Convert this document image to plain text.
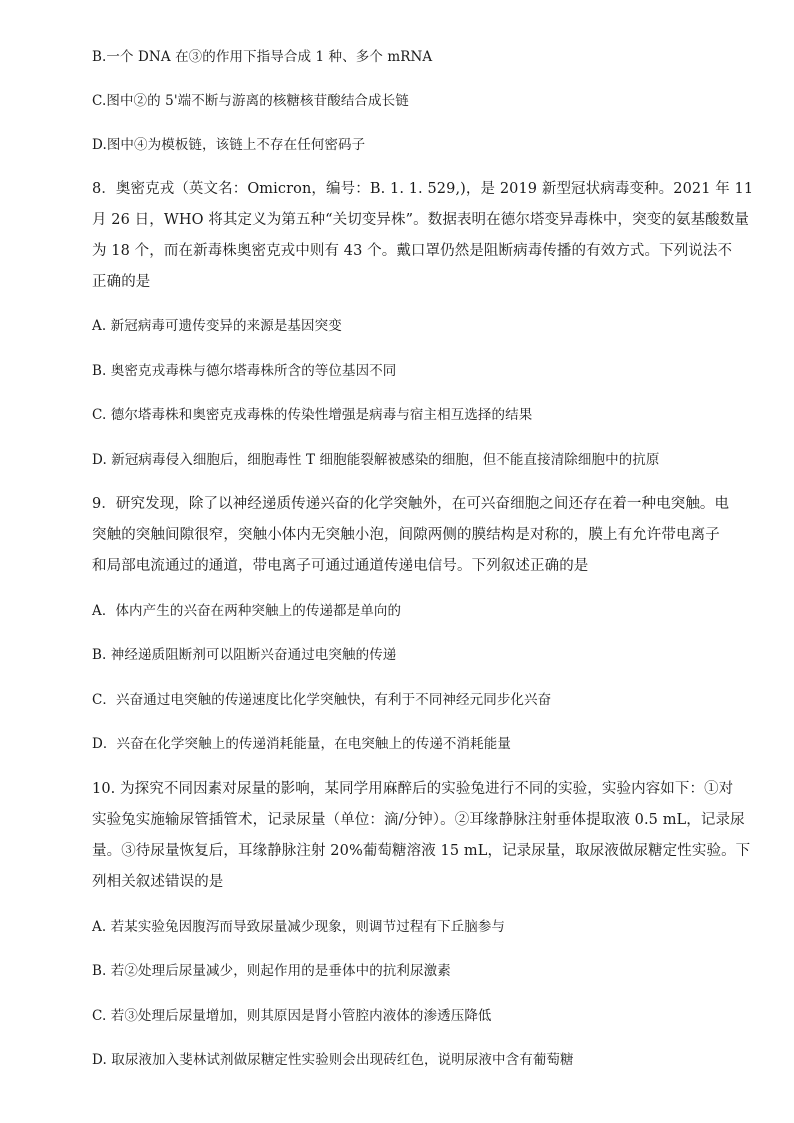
B.一个 DNA 在③的作用下指导合成 1 种、多个 mRNA
C.图中②的 5'端不断与游离的核糖核苷酸结合成长链
D.图中④为模板链，该链上不存在任何密码子
8．奥密克戎（英文名：Omicron，编号：B. 1. 1. 529,)，是 2019 新型冠状病毒变种。2021 年 11
月 26 日，WHO 将其定义为第五种“关切变异株”。数据表明在德尔塔变异毒株中，突变的氨基酸数量
为 18 个，而在新毒株奥密克戎中则有 43 个。戴口罩仍然是阻断病毒传播的有效方式。下列说法不
正确的是
A. 新冠病毒可遗传变异的来源是基因突变
B. 奥密克戎毒株与德尔塔毒株所含的等位基因不同
C. 德尔塔毒株和奥密克戎毒株的传染性增强是病毒与宿主相互选择的结果
D. 新冠病毒侵入细胞后，细胞毒性 T 细胞能裂解被感染的细胞，但不能直接清除细胞中的抗原
9．研究发现，除了以神经递质传递兴奋的化学突触外，在可兴奋细胞之间还存在着一种电突触。电
突触的突触间隙很窄，突触小体内无突触小泡，间隙两侧的膜结构是对称的，膜上有允许带电离子
和局部电流通过的通道，带电离子可通过通道传递电信号。下列叙述正确的是
A．体内产生的兴奋在两种突触上的传递都是单向的
B. 神经递质阻断剂可以阻断兴奋通过电突触的传递
C．兴奋通过电突触的传递速度比化学突触快，有利于不同神经元同步化兴奋
D．兴奋在化学突触上的传递消耗能量，在电突触上的传递不消耗能量
10. 为探究不同因素对尿量的影响，某同学用麻醉后的实验兔进行不同的实验，实验内容如下：①对
实验兔实施输尿管插管术，记录尿量（单位：滴/分钟）。②耳缘静脉注射垂体提取液 0.5 mL，记录尿
量。③待尿量恢复后，耳缘静脉注射 20%葡萄糖溶液 15 mL，记录尿量，取尿液做尿糖定性实验。下
列相关叙述错误的是
A. 若某实验兔因腹泻而导致尿量减少现象，则调节过程有下丘脑参与
B. 若②处理后尿量减少，则起作用的是垂体中的抗利尿激素
C. 若③处理后尿量增加，则其原因是肾小管腔内液体的渗透压降低
D. 取尿液加入斐林试剂做尿糖定性实验则会出现砖红色，说明尿液中含有葡萄糖
